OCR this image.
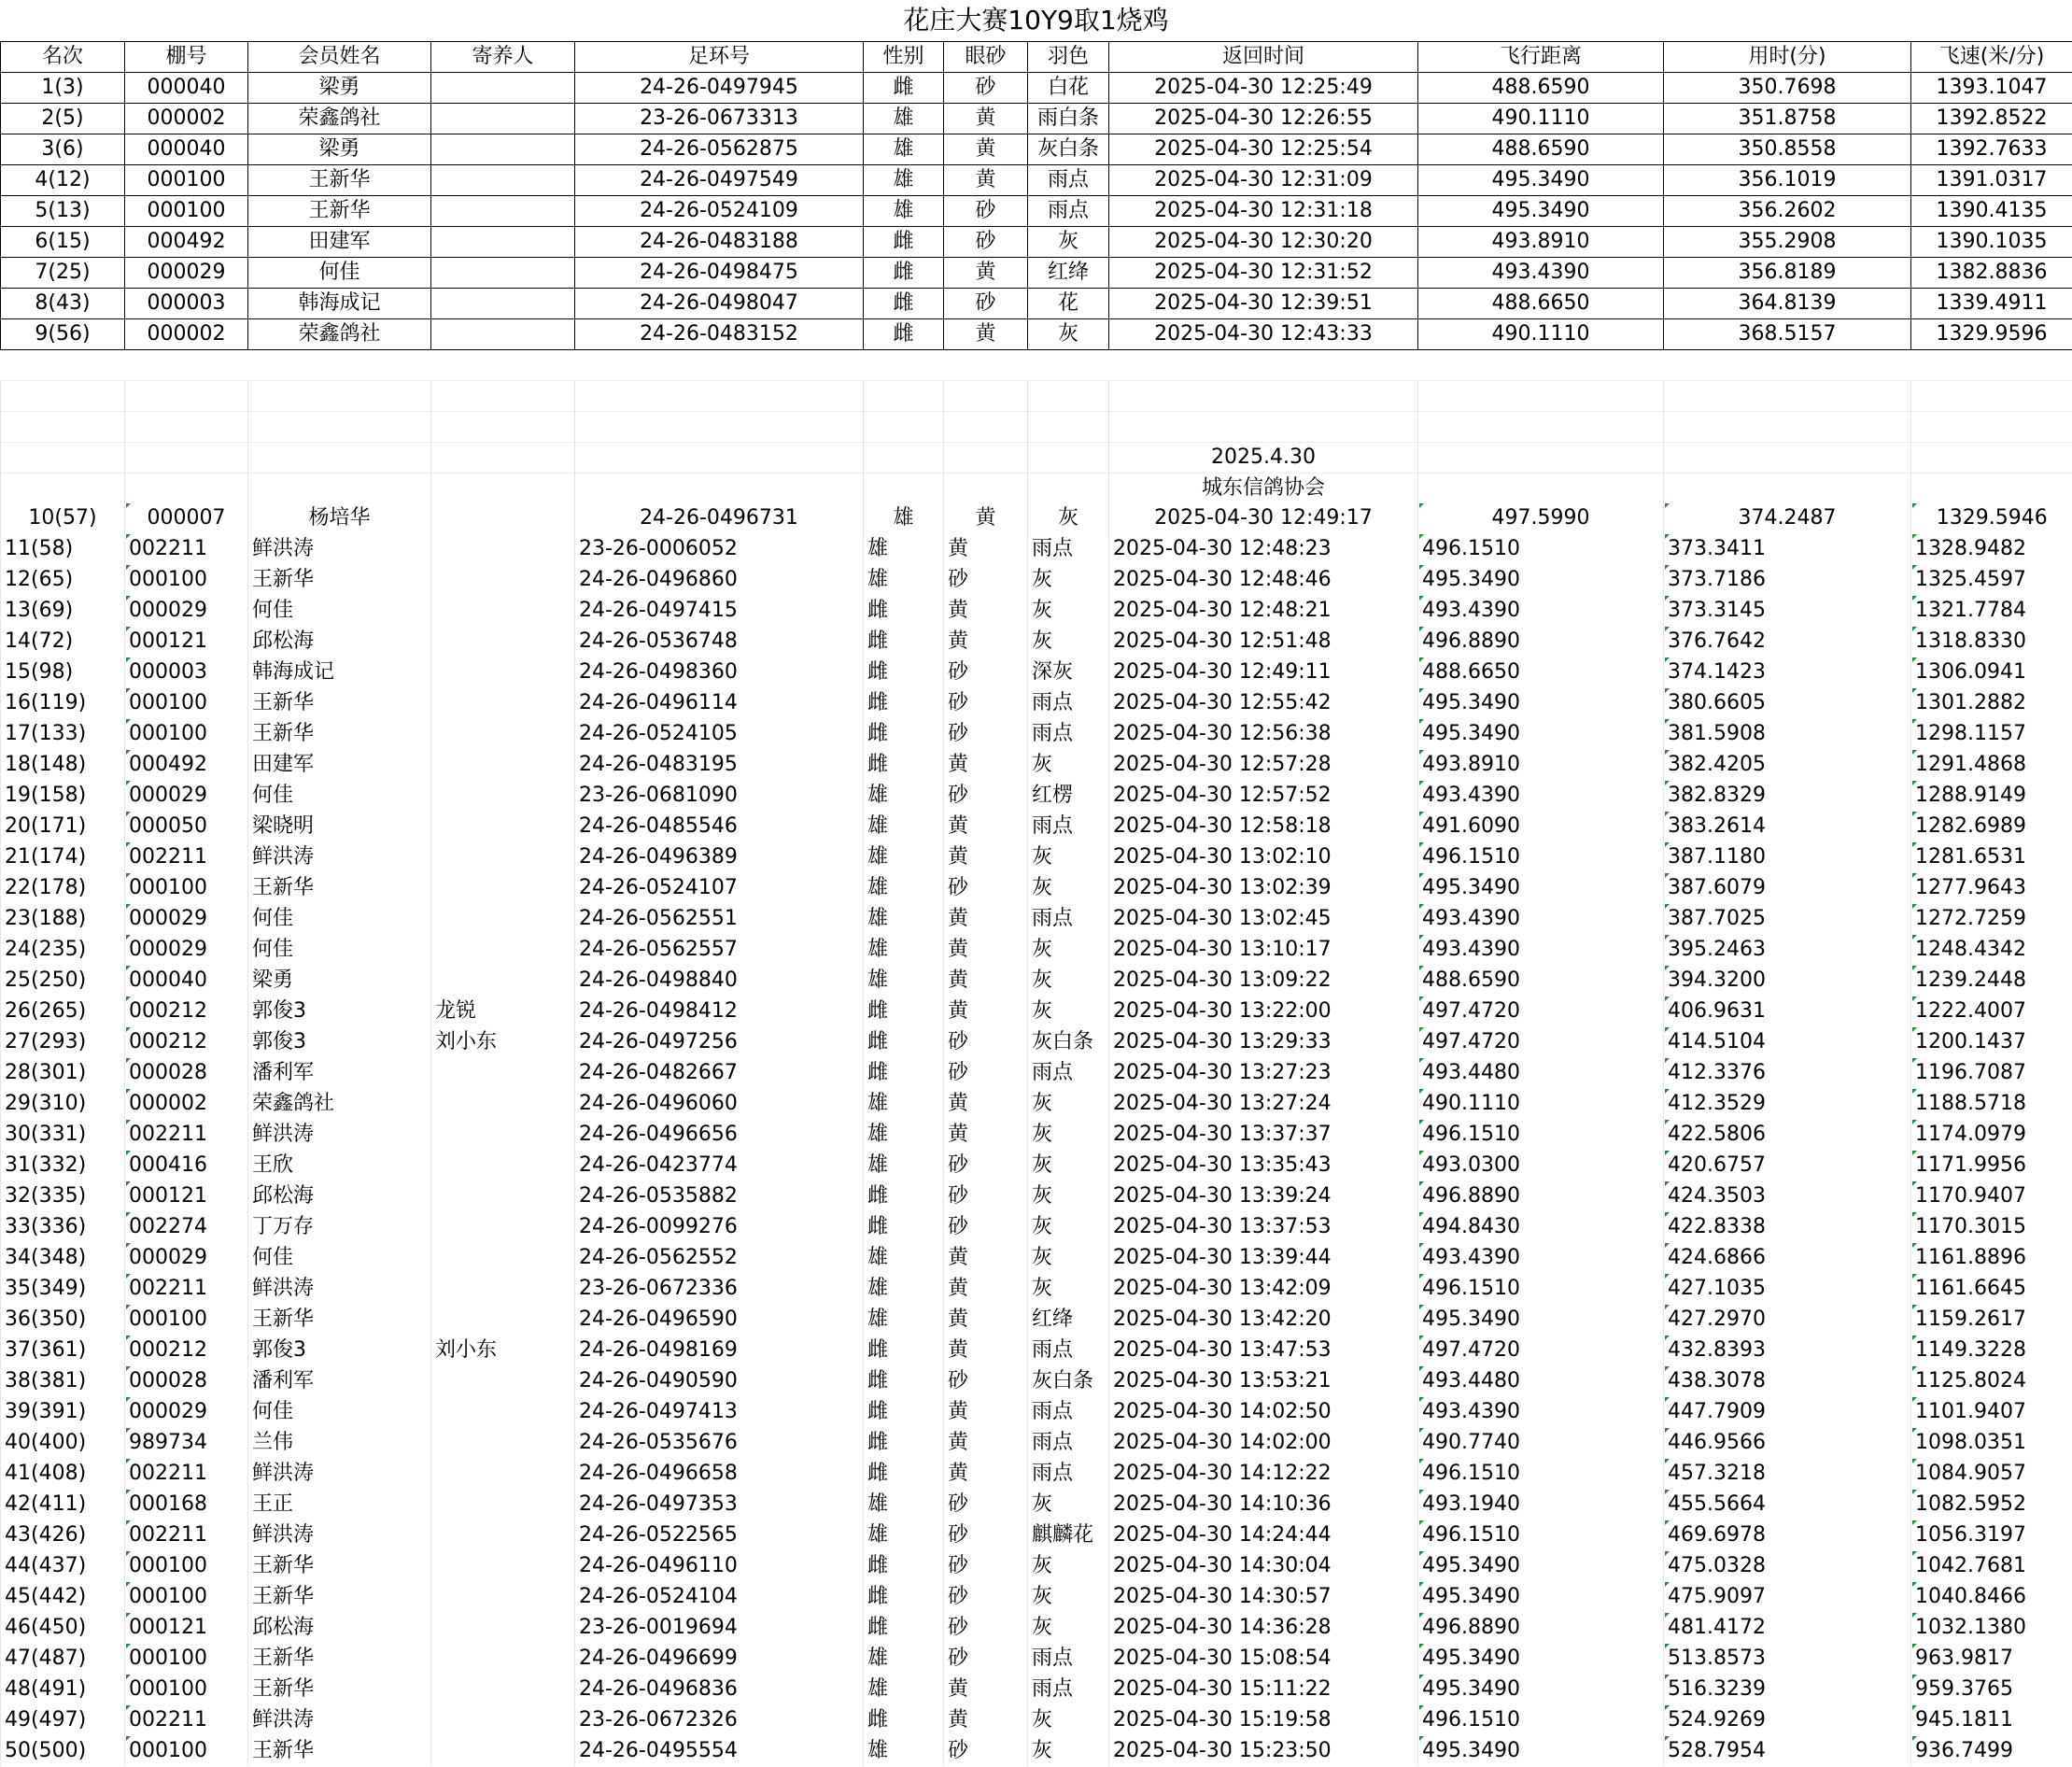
花庄大赛10Y9取1烧鸡
名次	棚号	会员姓名	寄养人	足环号	性别	眼砂	羽色	返回时间	飞行距离	用时(分)	飞速(米/分)
1(3)	000040	梁勇		24-26-0497945	雌	砂	白花	2025-04-30 12:25:49	488.6590	350.7698	1393.1047
2(5)	000002	荣鑫鸽社		23-26-0673313	雄	黄	雨白条	2025-04-30 12:26:55	490.1110	351.8758	1392.8522
3(6)	000040	梁勇		24-26-0562875	雄	黄	灰白条	2025-04-30 12:25:54	488.6590	350.8558	1392.7633
4(12)	000100	王新华		24-26-0497549	雄	黄	雨点	2025-04-30 12:31:09	495.3490	356.1019	1391.0317
5(13)	000100	王新华		24-26-0524109	雄	砂	雨点	2025-04-30 12:31:18	495.3490	356.2602	1390.4135
6(15)	000492	田建军		24-26-0483188	雌	砂	灰	2025-04-30 12:30:20	493.8910	355.2908	1390.1035
7(25)	000029	何佳		24-26-0498475	雌	黄	红绛	2025-04-30 12:31:52	493.4390	356.8189	1382.8836
8(43)	000003	韩海成记		24-26-0498047	雌	砂	花	2025-04-30 12:39:51	488.6650	364.8139	1339.4911
9(56)	000002	荣鑫鸽社		24-26-0483152	雌	黄	灰	2025-04-30 12:43:33	490.1110	368.5157	1329.9596

								2025.4.30			
								城东信鸽协会			
10(57)	000007	杨培华		24-26-0496731	雄	黄	灰	2025-04-30 12:49:17	497.5990	374.2487	1329.5946
11(58)	002211	鲜洪涛		23-26-0006052	雄	黄	雨点	2025-04-30 12:48:23	496.1510	373.3411	1328.9482
12(65)	000100	王新华		24-26-0496860	雄	砂	灰	2025-04-30 12:48:46	495.3490	373.7186	1325.4597
13(69)	000029	何佳		24-26-0497415	雌	黄	灰	2025-04-30 12:48:21	493.4390	373.3145	1321.7784
14(72)	000121	邱松海		24-26-0536748	雌	黄	灰	2025-04-30 12:51:48	496.8890	376.7642	1318.8330
15(98)	000003	韩海成记		24-26-0498360	雌	砂	深灰	2025-04-30 12:49:11	488.6650	374.1423	1306.0941
16(119)	000100	王新华		24-26-0496114	雌	砂	雨点	2025-04-30 12:55:42	495.3490	380.6605	1301.2882
17(133)	000100	王新华		24-26-0524105	雌	砂	雨点	2025-04-30 12:56:38	495.3490	381.5908	1298.1157
18(148)	000492	田建军		24-26-0483195	雌	黄	灰	2025-04-30 12:57:28	493.8910	382.4205	1291.4868
19(158)	000029	何佳		23-26-0681090	雄	砂	红楞	2025-04-30 12:57:52	493.4390	382.8329	1288.9149
20(171)	000050	梁晓明		24-26-0485546	雄	黄	雨点	2025-04-30 12:58:18	491.6090	383.2614	1282.6989
21(174)	002211	鲜洪涛		24-26-0496389	雄	黄	灰	2025-04-30 13:02:10	496.1510	387.1180	1281.6531
22(178)	000100	王新华		24-26-0524107	雄	砂	灰	2025-04-30 13:02:39	495.3490	387.6079	1277.9643
23(188)	000029	何佳		24-26-0562551	雄	黄	雨点	2025-04-30 13:02:45	493.4390	387.7025	1272.7259
24(235)	000029	何佳		24-26-0562557	雄	黄	灰	2025-04-30 13:10:17	493.4390	395.2463	1248.4342
25(250)	000040	梁勇		24-26-0498840	雄	黄	灰	2025-04-30 13:09:22	488.6590	394.3200	1239.2448
26(265)	000212	郭俊3	龙锐	24-26-0498412	雌	黄	灰	2025-04-30 13:22:00	497.4720	406.9631	1222.4007
27(293)	000212	郭俊3	刘小东	24-26-0497256	雌	砂	灰白条	2025-04-30 13:29:33	497.4720	414.5104	1200.1437
28(301)	000028	潘利军		24-26-0482667	雌	砂	雨点	2025-04-30 13:27:23	493.4480	412.3376	1196.7087
29(310)	000002	荣鑫鸽社		24-26-0496060	雄	黄	灰	2025-04-30 13:27:24	490.1110	412.3529	1188.5718
30(331)	002211	鲜洪涛		24-26-0496656	雄	黄	灰	2025-04-30 13:37:37	496.1510	422.5806	1174.0979
31(332)	000416	王欣		24-26-0423774	雄	砂	灰	2025-04-30 13:35:43	493.0300	420.6757	1171.9956
32(335)	000121	邱松海		24-26-0535882	雌	砂	灰	2025-04-30 13:39:24	496.8890	424.3503	1170.9407
33(336)	002274	丁万存		24-26-0099276	雌	砂	灰	2025-04-30 13:37:53	494.8430	422.8338	1170.3015
34(348)	000029	何佳		24-26-0562552	雄	黄	灰	2025-04-30 13:39:44	493.4390	424.6866	1161.8896
35(349)	002211	鲜洪涛		23-26-0672336	雄	黄	灰	2025-04-30 13:42:09	496.1510	427.1035	1161.6645
36(350)	000100	王新华		24-26-0496590	雄	黄	红绛	2025-04-30 13:42:20	495.3490	427.2970	1159.2617
37(361)	000212	郭俊3	刘小东	24-26-0498169	雌	黄	雨点	2025-04-30 13:47:53	497.4720	432.8393	1149.3228
38(381)	000028	潘利军		24-26-0490590	雌	砂	灰白条	2025-04-30 13:53:21	493.4480	438.3078	1125.8024
39(391)	000029	何佳		24-26-0497413	雌	黄	雨点	2025-04-30 14:02:50	493.4390	447.7909	1101.9407
40(400)	989734	兰伟		24-26-0535676	雌	黄	雨点	2025-04-30 14:02:00	490.7740	446.9566	1098.0351
41(408)	002211	鲜洪涛		24-26-0496658	雌	黄	雨点	2025-04-30 14:12:22	496.1510	457.3218	1084.9057
42(411)	000168	王正		24-26-0497353	雄	砂	灰	2025-04-30 14:10:36	493.1940	455.5664	1082.5952
43(426)	002211	鲜洪涛		24-26-0522565	雄	砂	麒麟花	2025-04-30 14:24:44	496.1510	469.6978	1056.3197
44(437)	000100	王新华		24-26-0496110	雌	砂	灰	2025-04-30 14:30:04	495.3490	475.0328	1042.7681
45(442)	000100	王新华		24-26-0524104	雌	砂	灰	2025-04-30 14:30:57	495.3490	475.9097	1040.8466
46(450)	000121	邱松海		23-26-0019694	雌	砂	灰	2025-04-30 14:36:28	496.8890	481.4172	1032.1380
47(487)	000100	王新华		24-26-0496699	雄	砂	雨点	2025-04-30 15:08:54	495.3490	513.8573	963.9817
48(491)	000100	王新华		24-26-0496836	雄	黄	雨点	2025-04-30 15:11:22	495.3490	516.3239	959.3765
49(497)	002211	鲜洪涛		23-26-0672326	雌	黄	灰	2025-04-30 15:19:58	496.1510	524.9269	945.1811
50(500)	000100	王新华		24-26-0495554	雄	砂	灰	2025-04-30 15:23:50	495.3490	528.7954	936.7499
